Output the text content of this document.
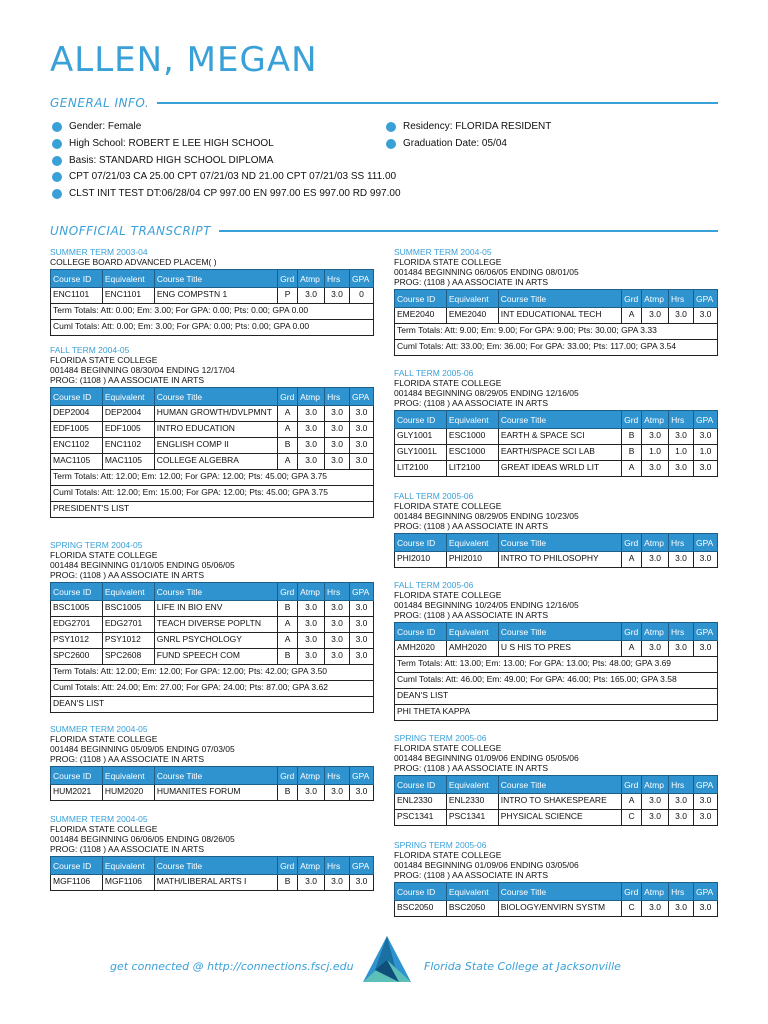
ALLEN, MEGAN
GENERAL INFO.
Gender: Female
High School: ROBERT E LEE HIGH SCHOOL
Basis: STANDARD HIGH SCHOOL DIPLOMA
CPT 07/21/03 CA 25.00 CPT 07/21/03 ND 21.00 CPT 07/21/03 SS 111.00
CLST INIT TEST DT:06/28/04 CP 997.00 EN 997.00 ES 997.00 RD 997.00
Residency: FLORIDA RESIDENT
Graduation Date: 05/04
UNOFFICIAL TRANSCRIPT
SUMMER TERM 2003-04
COLLEGE BOARD ADVANCED PLACEM( )
Course ID	Equivalent	Course Title	Grd	Atmp	Hrs	GPA
ENC1101	ENC1101	ENG COMPSTN 1	P	3.0	3.0	0
Term Totals: Att: 0.00; Em: 3.00; For GPA: 0.00; Pts: 0.00; GPA 0.00						
Cuml Totals: Att: 0.00; Em: 3.00; For GPA: 0.00; Pts: 0.00; GPA 0.00						
FALL TERM 2004-05
FLORIDA STATE COLLEGE
001484 BEGINNING 08/30/04 ENDING 12/17/04
PROG: (1108 ) AA ASSOCIATE IN ARTS
Course ID	Equivalent	Course Title	Grd	Atmp	Hrs	GPA
DEP2004	DEP2004	HUMAN GROWTH/DVLPMNT	A	3.0	3.0	3.0
EDF1005	EDF1005	INTRO EDUCATION	A	3.0	3.0	3.0
ENC1102	ENC1102	ENGLISH COMP II	B	3.0	3.0	3.0
MAC1105	MAC1105	COLLEGE ALGEBRA	A	3.0	3.0	3.0
Term Totals: Att: 12.00; Em: 12.00; For GPA: 12.00; Pts: 45.00; GPA 3.75						
Cuml Totals: Att: 12.00; Em: 15.00; For GPA: 12.00; Pts: 45.00; GPA 3.75						
PRESIDENT'S LIST						
SPRING TERM 2004-05
FLORIDA STATE COLLEGE
001484 BEGINNING 01/10/05 ENDING 05/06/05
PROG: (1108 ) AA ASSOCIATE IN ARTS
Course ID	Equivalent	Course Title	Grd	Atmp	Hrs	GPA
BSC1005	BSC1005	LIFE IN BIO ENV	B	3.0	3.0	3.0
EDG2701	EDG2701	TEACH DIVERSE POPLTN	A	3.0	3.0	3.0
PSY1012	PSY1012	GNRL PSYCHOLOGY	A	3.0	3.0	3.0
SPC2600	SPC2608	FUND SPEECH COM	B	3.0	3.0	3.0
Term Totals: Att: 12.00; Em: 12.00; For GPA: 12.00; Pts: 42.00; GPA 3.50						
Cuml Totals: Att: 24.00; Em: 27.00; For GPA: 24.00; Pts: 87.00; GPA 3.62						
DEAN'S LIST						
SUMMER TERM 2004-05
FLORIDA STATE COLLEGE
001484 BEGINNING 05/09/05 ENDING 07/03/05
PROG: (1108 ) AA ASSOCIATE IN ARTS
Course ID	Equivalent	Course Title	Grd	Atmp	Hrs	GPA
HUM2021	HUM2020	HUMANITES FORUM	B	3.0	3.0	3.0
SUMMER TERM 2004-05
FLORIDA STATE COLLEGE
001484 BEGINNING 06/06/05 ENDING 08/26/05
PROG: (1108 ) AA ASSOCIATE IN ARTS
Course ID	Equivalent	Course Title	Grd	Atmp	Hrs	GPA
MGF1106	MGF1106	MATH/LIBERAL ARTS I	B	3.0	3.0	3.0
SUMMER TERM 2004-05
FLORIDA STATE COLLEGE
001484 BEGINNING 06/06/05 ENDING 08/01/05
PROG: (1108 ) AA ASSOCIATE IN ARTS
Course ID	Equivalent	Course Title	Grd	Atmp	Hrs	GPA
EME2040	EME2040	INT EDUCATIONAL TECH	A	3.0	3.0	3.0
Term Totals: Att: 9.00; Em: 9.00; For GPA: 9.00; Pts: 30.00; GPA 3.33						
Cuml Totals: Att: 33.00; Em: 36.00; For GPA: 33.00; Pts: 117.00; GPA 3.54						
FALL TERM 2005-06
FLORIDA STATE COLLEGE
001484 BEGINNING 08/29/05 ENDING 12/16/05
PROG: (1108 ) AA ASSOCIATE IN ARTS
Course ID	Equivalent	Course Title	Grd	Atmp	Hrs	GPA
GLY1001	ESC1000	EARTH & SPACE SCI	B	3.0	3.0	3.0
GLY1001L	ESC1000	EARTH/SPACE SCI LAB	B	1.0	1.0	1.0
LIT2100	LIT2100	GREAT IDEAS WRLD LIT	A	3.0	3.0	3.0
FALL TERM 2005-06
FLORIDA STATE COLLEGE
001484 BEGINNING 08/29/05 ENDING 10/23/05
PROG: (1108 ) AA ASSOCIATE IN ARTS
Course ID	Equivalent	Course Title	Grd	Atmp	Hrs	GPA
PHI2010	PHI2010	INTRO TO PHILOSOPHY	A	3.0	3.0	3.0
FALL TERM 2005-06
FLORIDA STATE COLLEGE
001484 BEGINNING 10/24/05 ENDING 12/16/05
PROG: (1108 ) AA ASSOCIATE IN ARTS
Course ID	Equivalent	Course Title	Grd	Atmp	Hrs	GPA
AMH2020	AMH2020	U S HIS TO PRES	A	3.0	3.0	3.0
Term Totals: Att: 13.00; Em: 13.00; For GPA: 13.00; Pts: 48.00; GPA 3.69						
Cuml Totals: Att: 46.00; Em: 49.00; For GPA: 46.00; Pts: 165.00; GPA 3.58						
DEAN'S LIST						
PHI THETA KAPPA						
SPRING TERM 2005-06
FLORIDA STATE COLLEGE
001484 BEGINNING 01/09/06 ENDING 05/05/06
PROG: (1108 ) AA ASSOCIATE IN ARTS
Course ID	Equivalent	Course Title	Grd	Atmp	Hrs	GPA
ENL2330	ENL2330	INTRO TO SHAKESPEARE	A	3.0	3.0	3.0
PSC1341	PSC1341	PHYSICAL SCIENCE	C	3.0	3.0	3.0
SPRING TERM 2005-06
FLORIDA STATE COLLEGE
001484 BEGINNING 01/09/06 ENDING 03/05/06
PROG: (1108 ) AA ASSOCIATE IN ARTS
Course ID	Equivalent	Course Title	Grd	Atmp	Hrs	GPA
BSC2050	BSC2050	BIOLOGY/ENVIRN SYSTM	C	3.0	3.0	3.0
get connected @ http://connections.fscj.edu	Florida State College at Jacksonville
